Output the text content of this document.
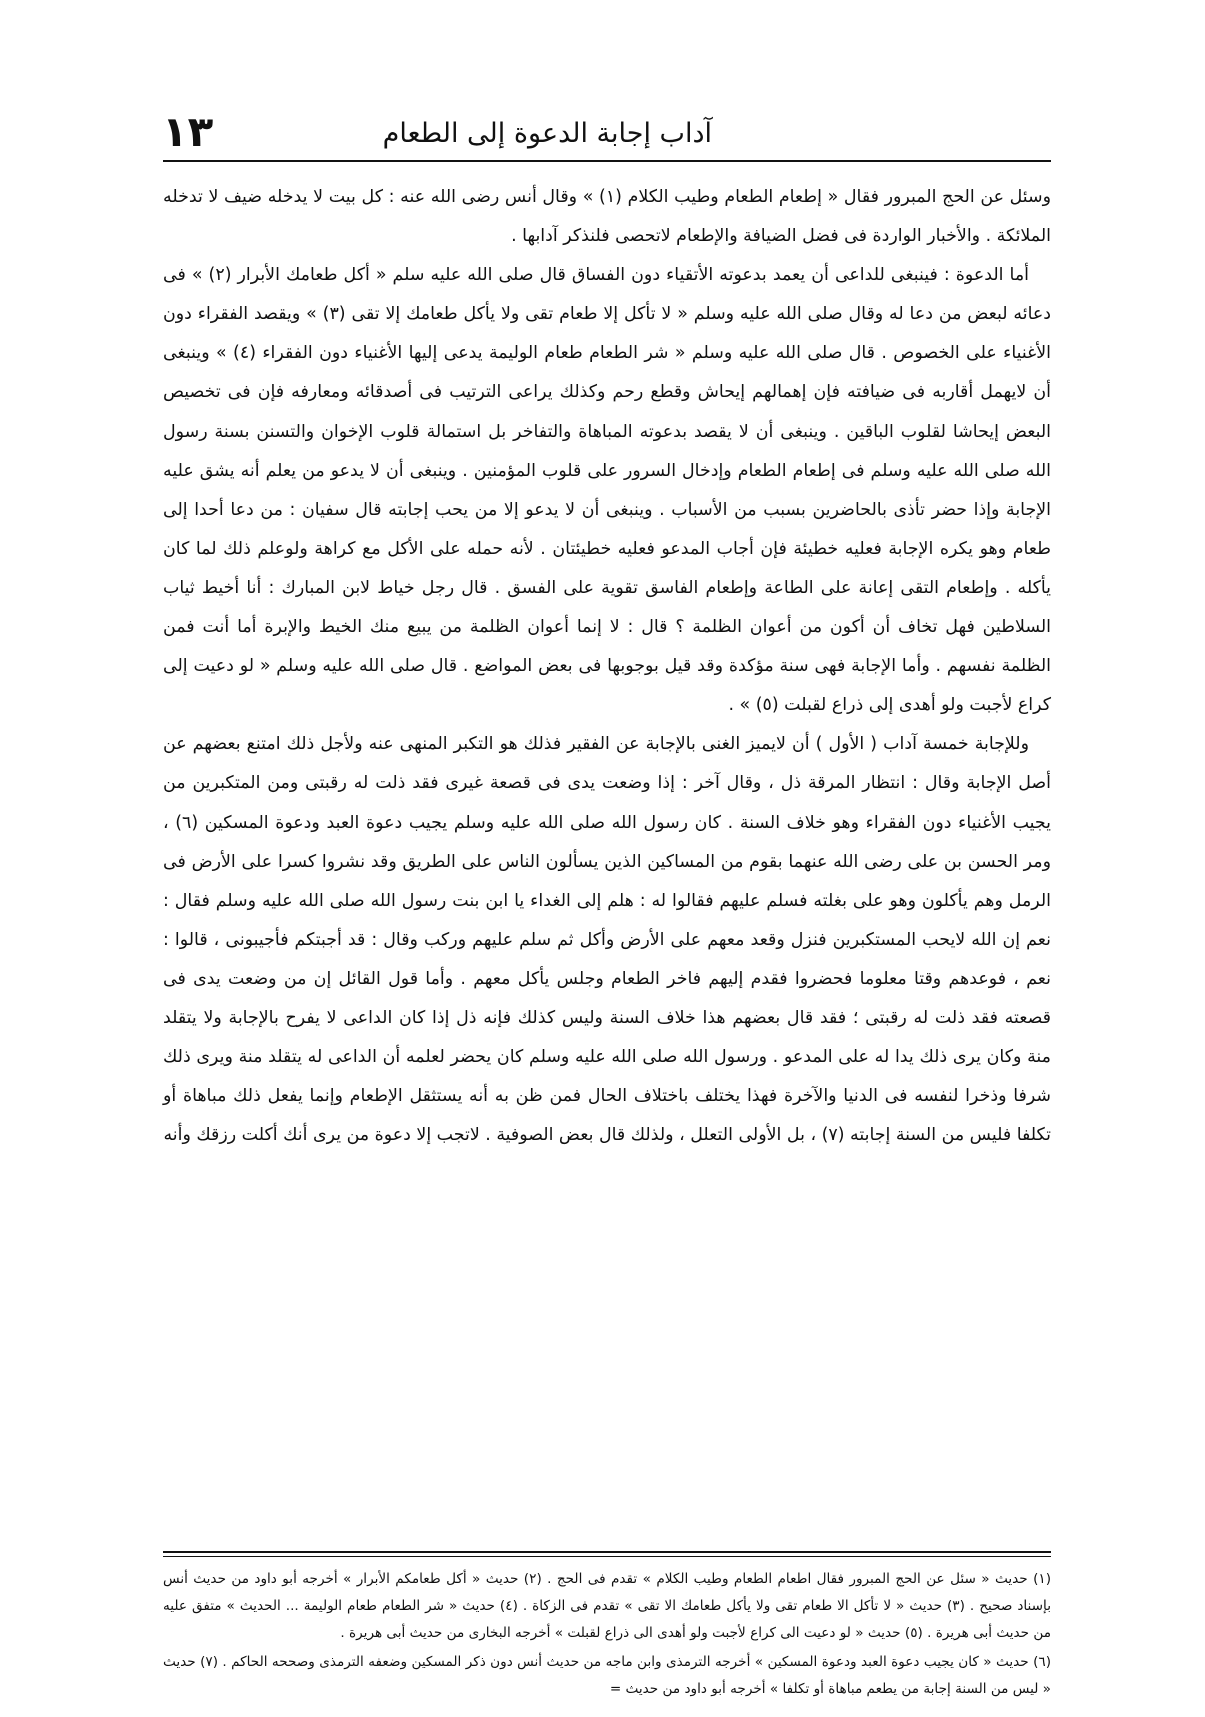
آداب إجابة الدعوة إلى الطعام
١٣

وسئل عن الحج المبرور فقال « إطعام الطعام وطيب الكلام (١) » وقال أنس رضى الله عنه : كل بيت لا يدخله ضيف لا تدخله الملائكة . والأخبار الواردة فى فضل الضيافة والإطعام لاتحصى فلنذكر آدابها .

أما الدعوة : فينبغى للداعى أن يعمد بدعوته الأتقياء دون الفساق قال صلى الله عليه سلم « أكل طعامك الأبرار (٢) » فى دعائه لبعض من دعا له وقال صلى الله عليه وسلم « لا تأكل إلا طعام تقى ولا يأكل طعامك إلا تقى (٣) » ويقصد الفقراء دون الأغنياء على الخصوص . قال صلى الله عليه وسلم « شر الطعام طعام الوليمة يدعى إليها الأغنياء دون الفقراء (٤) » وينبغى أن لايهمل أقاربه فى ضيافته فإن إهمالهم إيحاش وقطع رحم وكذلك يراعى الترتيب فى أصدقائه ومعارفه فإن فى تخصيص البعض إيحاشا لقلوب الباقين . وينبغى أن لا يقصد بدعوته المباهاة والتفاخر بل استمالة قلوب الإخوان والتسنن بسنة رسول الله صلى الله عليه وسلم فى إطعام الطعام وإدخال السرور على قلوب المؤمنين . وينبغى أن لا يدعو من يعلم أنه يشق عليه الإجابة وإذا حضر تأذى بالحاضرين بسبب من الأسباب . وينبغى أن لا يدعو إلا من يحب إجابته قال سفيان : من دعا أحدا إلى طعام وهو يكره الإجابة فعليه خطيئة فإن أجاب المدعو فعليه خطيئتان . لأنه حمله على الأكل مع كراهة ولوعلم ذلك لما كان يأكله . وإطعام التقى إعانة على الطاعة وإطعام الفاسق تقوية على الفسق . قال رجل خياط لابن المبارك : أنا أخيط ثياب السلاطين فهل تخاف أن أكون من أعوان الظلمة ؟ قال : لا إنما أعوان الظلمة من يبيع منك الخيط والإبرة أما أنت فمن الظلمة نفسهم . وأما الإجابة فهى سنة مؤكدة وقد قيل بوجوبها فى بعض المواضع . قال صلى الله عليه وسلم « لو دعيت إلى كراع لأجبت ولو أهدى إلى ذراع لقبلت (٥) » .

وللإجابة خمسة آداب ( الأول ) أن لايميز الغنى بالإجابة عن الفقير فذلك هو التكبر المنهى عنه ولأجل ذلك امتنع بعضهم عن أصل الإجابة وقال : انتظار المرقة ذل ، وقال آخر : إذا وضعت يدى فى قصعة غيرى فقد ذلت له رقبتى ومن المتكبرين من يجيب الأغنياء دون الفقراء وهو خلاف السنة . كان رسول الله صلى الله عليه وسلم يجيب دعوة العبد ودعوة المسكين (٦) ، ومر الحسن بن على رضى الله عنهما بقوم من المساكين الذين يسألون الناس على الطريق وقد نشروا كسرا على الأرض فى الرمل وهم يأكلون وهو على بغلته فسلم عليهم فقالوا له : هلم إلى الغداء يا ابن بنت رسول الله صلى الله عليه وسلم فقال : نعم إن الله لايحب المستكبرين فنزل وقعد معهم على الأرض وأكل ثم سلم عليهم وركب وقال : قد أجبتكم فأجيبونى ، قالوا : نعم ، فوعدهم وقتا معلوما فحضروا فقدم إليهم فاخر الطعام وجلس يأكل معهم . وأما قول القائل إن من وضعت يدى فى قصعته فقد ذلت له رقبتى ؛ فقد قال بعضهم هذا خلاف السنة وليس كذلك فإنه ذل إذا كان الداعى لا يفرح بالإجابة ولا يتقلد منة وكان يرى ذلك يدا له على المدعو . ورسول الله صلى الله عليه وسلم كان يحضر لعلمه أن الداعى له يتقلد منة ويرى ذلك شرفا وذخرا لنفسه فى الدنيا والآخرة فهذا يختلف باختلاف الحال فمن ظن به أنه يستثقل الإطعام وإنما يفعل ذلك مباهاة أو تكلفا فليس من السنة إجابته (٧) ، بل الأولى التعلل ، ولذلك قال بعض الصوفية . لاتجب إلا دعوة من يرى أنك أكلت رزقك وأنه

(١) حديث « سئل عن الحج المبرور فقال اطعام الطعام وطيب الكلام » تقدم فى الحج . (٢) حديث « أكل طعامكم الأبرار » أخرجه أبو داود من حديث أنس بإسناد صحيح . (٣) حديث « لا تأكل الا طعام تقى ولا يأكل طعامك الا تقى » تقدم فى الزكاة . (٤) حديث « شر الطعام طعام الوليمة ... الحديث » متفق عليه من حديث أبى هريرة . (٥) حديث « لو دعيت الى كراع لأجبت ولو أهدى الى ذراع لقبلت » أخرجه البخارى من حديث أبى هريرة .

(٦) حديث « كان يجيب دعوة العبد ودعوة المسكين » أخرجه الترمذى وابن ماجه من حديث أنس دون ذكر المسكين وضعفه الترمذى وصححه الحاكم . (٧) حديث « ليس من السنة إجابة من يطعم مباهاة أو تكلفا » أخرجه أبو داود من حديث =
